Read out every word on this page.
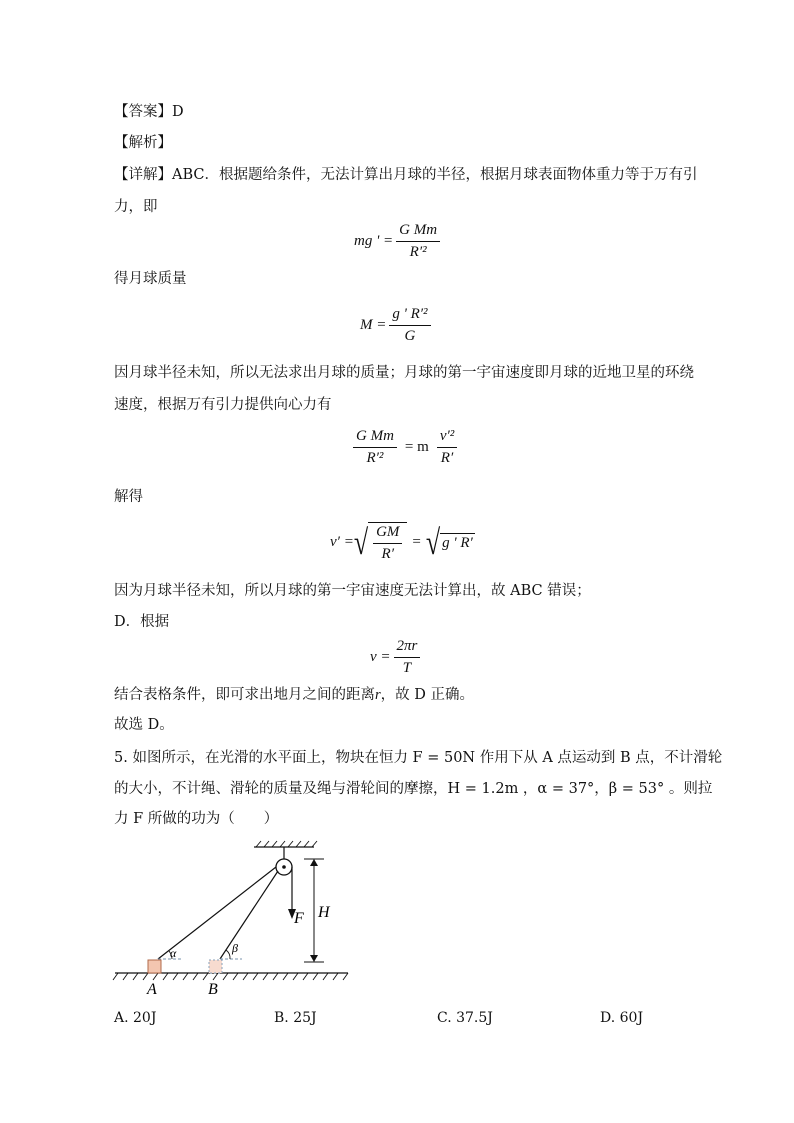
【答案】D
【解析】
【详解】ABC．根据题给条件，无法计算出月球的半径，根据月球表面物体重力等于万有引
力，即
mg ' = $\frac{\text{G Mm}}{\text{R′²}}$
得月球质量
$M = \frac{\text{g ' R′²}}{G}$
因月球半径未知，所以无法求出月球的质量；月球的第一宇宙速度即月球的近地卫星的环绕
速度，根据万有引力提供向心力有
$\frac{\text{G Mm}}{\text{R′²}} = m \frac{\text{v′²}}{R'}$
解得
v′ = √ $\frac{GM}{R'}$ = √ g ' R′
因为月球半径未知，所以月球的第一宇宙速度无法计算出，故 ABC 错误；
D．根据
$v = \frac{2\pi r}{T}$
结合表格条件，即可求出地月之间的距离r，故 D 正确。
故选 D。
5. 如图所示，在光滑的水平面上，物块在恒力 F = 50N 作用下从 A 点运动到 B 点，不计滑轮
的大小，不计绳、滑轮的质量及绳与滑轮间的摩擦，H = 1.2m ，α = 37°，β = 53° 。则拉
力 F 所做的功为（　　）
F H
α	β
A	B
A. 20J	B. 25J	C. 37.5J	D. 60J
